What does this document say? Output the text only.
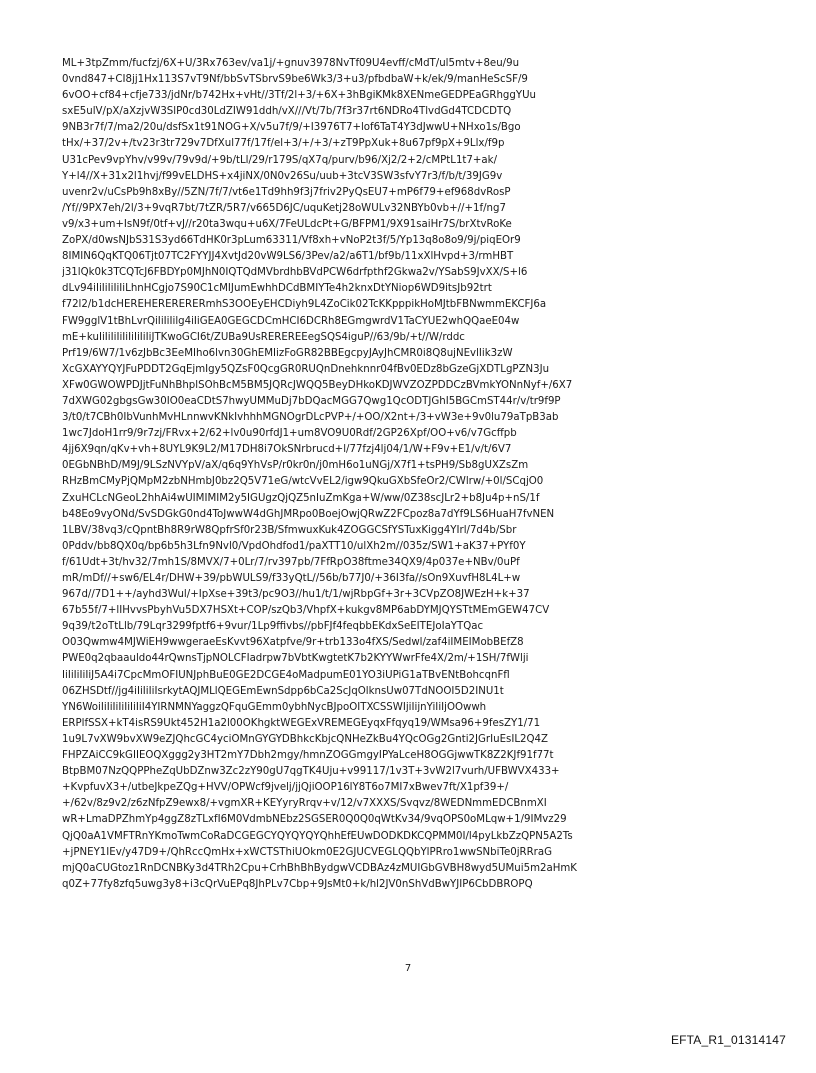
ML+3tpZmm/fucfzj/6X+U/3Rx763ev/va1j/+gnuv3978NvTf09U4evff/cMdT/ul5mtv+8eu/9u
0vnd847+CI8jj1Hx113S7vT9Nf/bbSvTSbrvS9be6Wk3/3+u3/pfbdbaW+k/ek/9/manHeScSF/9
6vOO+cf84+cfje733/jdNr/b742Hx+vHt//3Tf/2l+3/+6X+3hBgiKMk8XENmeGEDPEaGRhggYUu
sxE5ulV/pX/aXzjvW3SlP0cd30LdZIW91ddh/vX///Vt/7b/7f3r37rt6NDRo4TlvdGd4TCDCDTQ
9NB3r7f/7/ma2/20u/dsfSx1t91NOG+X/v5u7f/9/+I3976T7+lof6TaT4Y3dJwwU+NHxo1s/Bgo
tHx/+37/2v+/tv23r3tr729v7DfXul77f/17f/el+3/+/+3/+zT9PpXuk+8u67pf9pX+9Llx/f9p
U31cPev9vpYhv/v99v/79v9d/+9b/tLl/29/r179S/qX7q/purv/b96/Xj2/2+2/cMPtL1t7+ak/
Y+l4//X+31x2l1hvj/f99vELDHS+x4jiNX/0N0v26Su/uub+3tcV3SW3sfvY7r3/f/b/t/39JG9v
uvenr2v/uCsPb9h8xBy//5ZN/7f/7/vt6e1Td9hh9f3j7friv2PyQsEU7+mP6f79+ef968dvRosP
/Yf//9PX7eh/2l/3+9vqR7bt/7tZR/5R7/v665D6JC/uquKetj28oWULv32NBYb0vb+//+1f/ng7
v9/x3+um+IsN9f/0tf+vJ//r20ta3wqu+u6X/7FeULdcPt+G/BFPM1/9X91saiHr7S/brXtvRoKe
ZoPX/d0wsNJbS31S3yd66TdHK0r3pLum63311/Vf8xh+vNoP2t3f/5/Yp13q8o8o9/9j/piqEOr9
8IMIN6QqKTQ06Tjt07TC2FYYJJ4XvtJd20vW9LS6/3Pev/a2/a6T1/bf9b/11xXlHvpd+3/rmHBT
j31lQk0k3TCQTcJ6FBDYp0MJhN0IQTQdMVbrdhbBVdPCW6drfpthf2Gkwa2v/YSabS9JvXX/S+l6
dLv94iIiIiIiIiIiLhnHCgjo7S90C1cMIJumEwhhDCdBMIYTe4h2knxDtYNiop6WD9itsJb92trt
f72l2/b1dcHEREHERERERERmhS3OOEyEHCDiyh9L4ZoCik02TcKKpppikHoMJtbFBNwmmEKCFJ6a
FW9gglV1tBhLvrQiIiIiIilg4iIiGEA0GEGCDCmHCI6DCRh8EGmgwrdV1TaCYUE2whQQaeE04w
mE+kuIiIiIiIiIiIiIiIiIiJTKwoGCI6t/ZUBa9UsREREREEegSQS4iguP//63/9b/+t//W/rddc
Prf19/6W7/1v6zJbBc3EeMIho6lvn30GhEMIizFoGR82BBEgcpyJAyJhCMR0i8Q8ujNEvlIik3zW
XcGXAYYQYJFuPDDT2GqEjmIgy5QZsF0QcgGR0RUQnDnehknnr04fBv0EDz8bGzeGjXDTLgPZN3Ju
XFw0GWOWPDJjtFuNhBhplSOhBcM5BM5JQRcJWQQ5BeyDHkoKDJWVZOZPDDCzBVmkYONnNyf+/6X7
7dXWG02gbgsGw30IO0eaCDtS7hwyUMMuDj7bDQacMGG7Qwg1QcODTJGhI5BGCmST44r/v/tr9f9P
3/t0/t7CBh0IbVunhMvHLnnwvKNkIvhhhMGNOgrDLcPVP+/+OO/X2nt+/3+vW3e+9v0lu79aTpB3ab
1wc7JdoH1rr9/9r7zj/FRvx+2/62+lv0u90rfdJ1+um8VO9U0Rdf/2GP26Xpf/OO+v6/v7Gcffpb
4jj6X9qn/qKv+vh+8UYL9K9L2/M17DH8i7OkSNrbrucd+l/77fzj4lj04/1/W+F9v+E1/v/t/6V7
0EGbNBhD/M9J/9LSzNVYpV/aX/q6q9YhVsP/r0kr0n/j0mH6o1uNGj/X7f1+tsPH9/Sb8gUXZsZm
RHzBmCMyPjQMpM2zbNHmbJ0bz2Q5V71eG/wtcVvEL2/igw9QkuGXbSfeOr2/CWlrw/+0l/SCqjO0
ZxuHCLcNGeoL2hhAi4wUIMIMIM2y5IGUgzQjQZ5nIuZmKga+W/ww/0Z38scJLr2+b8Ju4p+nS/1f
b48Eo9vyONd/SvSDGkG0nd4ToJwwW4dGhJMRpo0BoejOwjQRwZ2FCpoz8a7dYf9LS6HuaH7fvNEN
1LBV/38vq3/cQpntBh8R9rW8QpfrSf0r23B/SfmwuxKuk4ZOGGCSfYSTuxKigg4YIrl/7d4b/Sbr
0Pddv/bb8QX0q/bp6b5h3Lfn9Nvl0/VpdOhdfod1/paXTT10/ulXh2m//035z/SW1+aK37+PYf0Y
f/61Udt+3t/hv32/7mh1S/8MVX/7+0Lr/7/rv397pb/7FfRpO38ftme34QX9/4p037e+NBv/0uPf
mR/mDf//+sw6/EL4r/DHW+39/pbWULS9/f33yQtL//56b/b77J0/+36I3fa//sOn9XuvfH8L4L+w
967d//7D1++/ayhd3Wul/+IpXse+39t3/pc9O3//hu1/t/1/wjRbpGf+3r+3CVpZO8JWEzH+k+37
67b55f/7+lIHvvsPbyhVu5DX7HSXt+COP/szQb3/VhpfX+kukgv8MP6abDYMJQYSTtMEmGEW47CV
9q39/t2oTtLlb/79Lqr3299fptf6+9vur/1Lp9ffivbs//pbFJf4feqbbEKdxSeEITEJoIaYTQac
O03Qwmw4MJWiEH9wwgeraeEsKvvt96Xatpfve/9r+trb133o4fXS/Sedwl/zaf4iIMEIMobBEfZ8
PWE0q2qbaauldo44rQwnsTjpNOLCFIadrpw7bVbtKwgtetK7b2KYYWwrFfe4X/2m/+1SH/7fWlji
IiIiIiIiIiJ5A4i7CpcMmOFIUNJphBuE0GE2DCGE4oMadpumE01YO3iUPiG1aTBvENtBohcqnFfl
06ZHSDtf//jg4iIiIiIiIsrkytAQJMLlQEGEmEwnSdpp6bCa2ScJqOlknsUw07TdNOOI5D2INU1t
YN6WoiIiIiIiIiIiIiIiI4YIRNMNYaggzQFquGEmm0ybhNycBJpoOITXCSSWIjiIijnYiIiIjOOwwh
ERPlfSSX+kT4isRS9Ukt452H1a2l00OKhgktWEGExVREMEGEyqxFfqyq19/WMsa96+9fesZY1/71
1u9L7vXW9bvXW9eZJQhcGC4yciOMnGYGYDBhkcKbjcQNHeZkBu4YQcOGg2Gnti2JGrIuEsIL2Q4Z
FHPZAiCC9kGIIEOQXggg2y3HT2mY7Dbh2mgy/hmnZOGGmgyIPYaLceH8OGGjwwTK8Z2KJf91f77t
BtpBM07NzQQPPheZqUbDZnw3Zc2zY90gU7qgTK4Uju+v99117/1v3T+3vW2l7vurh/UFBWVX433+
+KvpfuvX3+/utbeJkpeZQg+HVV/OPWcf9jvelj/jjQjiOOP16lY8T6o7MI7xBwev7ft/X1pf39+/
+/62v/8z9v2/z6zNfpZ9ewx8/+vgmXR+KEYyryRrqv+v/12/v7XXXS/Svqvz/8WEDNmmEDCBnmXI
wR+LmaDPZhmYp4ggZ8zTLxfI6M0VdmbNEbz2SGSER0Q0Q0qWtKv34/9vqOPS0oMLqw+1/9IMvz29
QjQ0aA1VMFTRnYKmoTwmCoRaDCGEGCYQYQYQYQhhEfEUwDODKDKCQPMM0I/l4pyLkbZzQPN5A2Ts
+jPNEY1IEv/y47D9+/QhRccQmHx+xWCTSThiUOkm0E2GJUCVEGLQQbYlPRro1wwSNbiTe0jRRraG
mjQ0aCUGtoz1RnDCNBKy3d4TRh2Cpu+CrhBhBhBydgwVCDBAz4zMUIGbGVBH8wyd5UMui5m2aHmK
q0Z+77fy8zfq5uwg3y8+i3cQrVuEPq8JhPLv7Cbp+9JsMt0+k/hl2JV0nShVdBwYJIP6CbDBROPQ
7
EFTA_R1_01314147
